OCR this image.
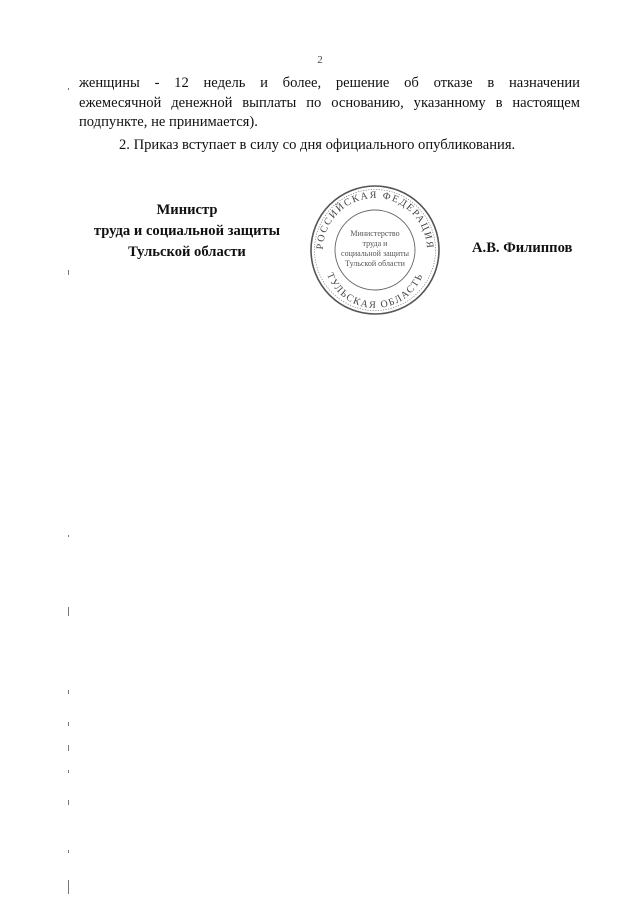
2

женщины - 12 недель и более, решение об отказе в назначении

ежемесячной денежной выплаты по основанию, указанному в настоящем

подпункте, не принимается).

2. Приказ вступает в силу со дня официального опубликования.

Министр
труда и социальной защиты
Тульской области	РОССИЙСКАЯ ФЕДЕРАЦИЯ
ТУЛЬСКАЯ ОБЛАСТЬ
Министерство
труда и
социальной защиты
Тульской области
А.В. Филиппов
